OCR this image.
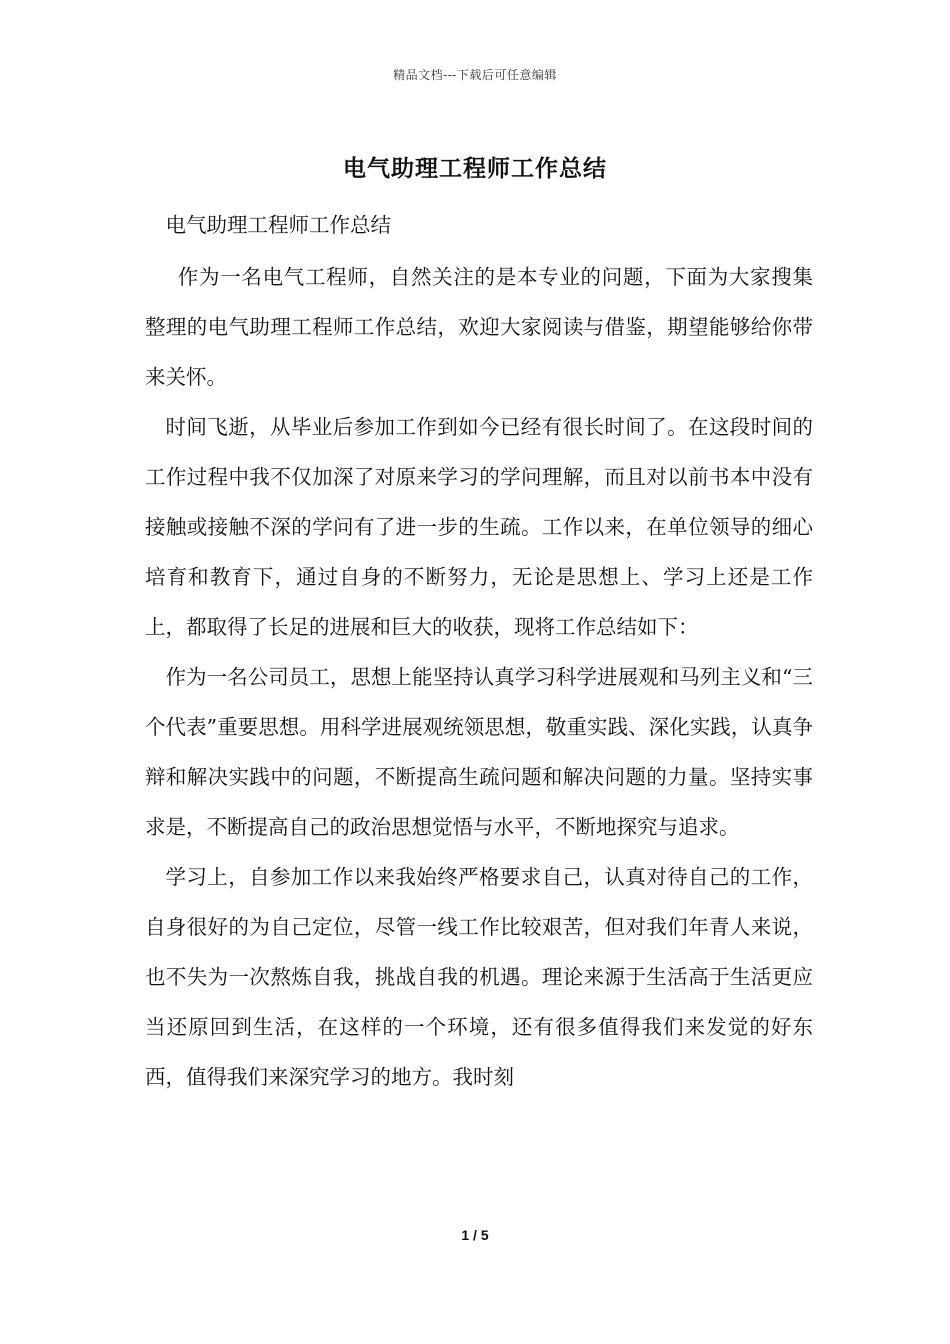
精品文档---下载后可任意编辑
电气助理工程师工作总结

电气助理工程师工作总结

作为一名电气工程师，自然关注的是本专业的问题，下面为大家搜集整理的电气助理工程师工作总结，欢迎大家阅读与借鉴，期望能够给你带来关怀。

时间飞逝，从毕业后参加工作到如今已经有很长时间了。在这段时间的工作过程中我不仅加深了对原来学习的学问理解，而且对以前书本中没有接触或接触不深的学问有了进一步的生疏。工作以来，在单位领导的细心培育和教育下，通过自身的不断努力，无论是思想上、学习上还是工作上，都取得了长足的进展和巨大的收获，现将工作总结如下：

作为一名公司员工，思想上能坚持认真学习科学进展观和马列主义和“三个代表”重要思想。用科学进展观统领思想，敬重实践、深化实践，认真争辩和解决实践中的问题，不断提高生疏问题和解决问题的力量。坚持实事求是，不断提高自己的政治思想觉悟与水平，不断地探究与追求。

学习上，自参加工作以来我始终严格要求自己，认真对待自己的工作，自身很好的为自己定位，尽管一线工作比较艰苦，但对我们年青人来说，也不失为一次熬炼自我，挑战自我的机遇。理论来源于生活高于生活更应当还原回到生活，在这样的一个环境，还有很多值得我们来发觉的好东西，值得我们来深究学习的地方。我时刻

1 / 5
